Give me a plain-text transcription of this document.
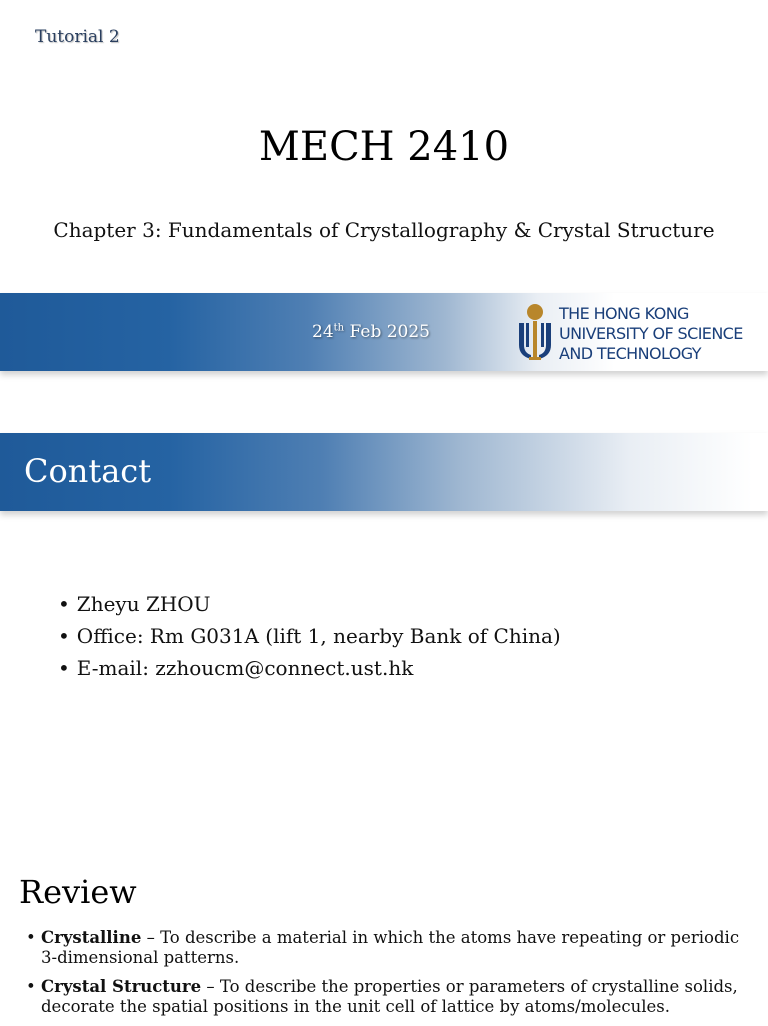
Tutorial 2
MECH 2410
Chapter 3: Fundamentals of Crystallography & Crystal Structure
24th Feb 2025
THE HONG KONG
UNIVERSITY OF SCIENCE
AND TECHNOLOGY
Contact
• Zheyu ZHOU
• Office: Rm G031A (lift 1, nearby Bank of China)
• E-mail: zzhoucm@connect.ust.hk
Review
• Crystalline – To describe a material in which the atoms have repeating or periodic 3-dimensional patterns.
• Crystal Structure – To describe the properties or parameters of crystalline solids, decorate the spatial positions in the unit cell of lattice by atoms/molecules.
